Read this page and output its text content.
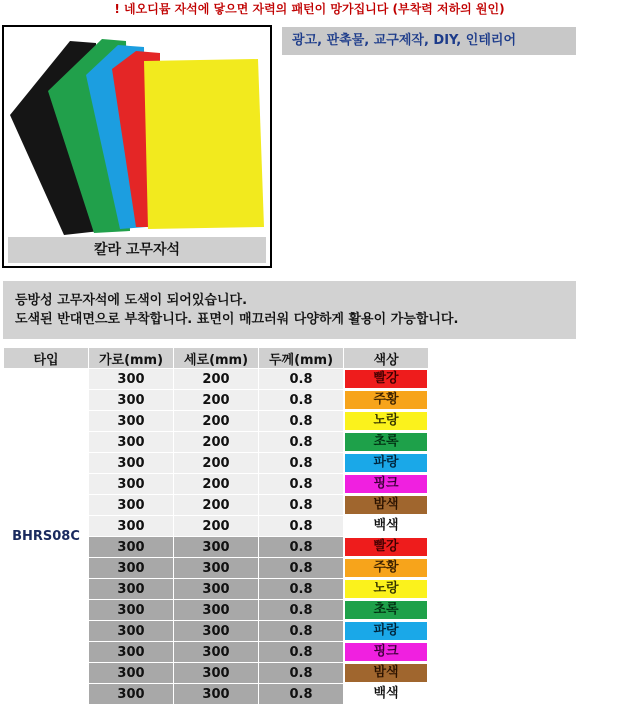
! 네오디뮴 자석에 닿으면 자력의 패턴이 망가집니다 (부착력 저하의 원인)
칼라 고무자석
광고, 판촉물, 교구제작, DIY, 인테리어
등방성 고무자석에 도색이 되어있습니다.
도색된 반대면으로 부착합니다. 표면이 매끄러워 다양하게 활용이 가능합니다.
타입	가로(mm)	세로(mm)	두께(mm)	색상
BHRS08C	300	200	0.8	빨강

	300	200	0.8	주황

	300	200	0.8	노랑

	300	200	0.8	초록

	300	200	0.8	파랑

	300	200	0.8	핑크

	300	200	0.8	밤색

	300	200	0.8	백색

	300	300	0.8	빨강

	300	300	0.8	주황

	300	300	0.8	노랑

	300	300	0.8	초록

	300	300	0.8	파랑

	300	300	0.8	핑크

	300	300	0.8	밤색

	300	300	0.8	백색
